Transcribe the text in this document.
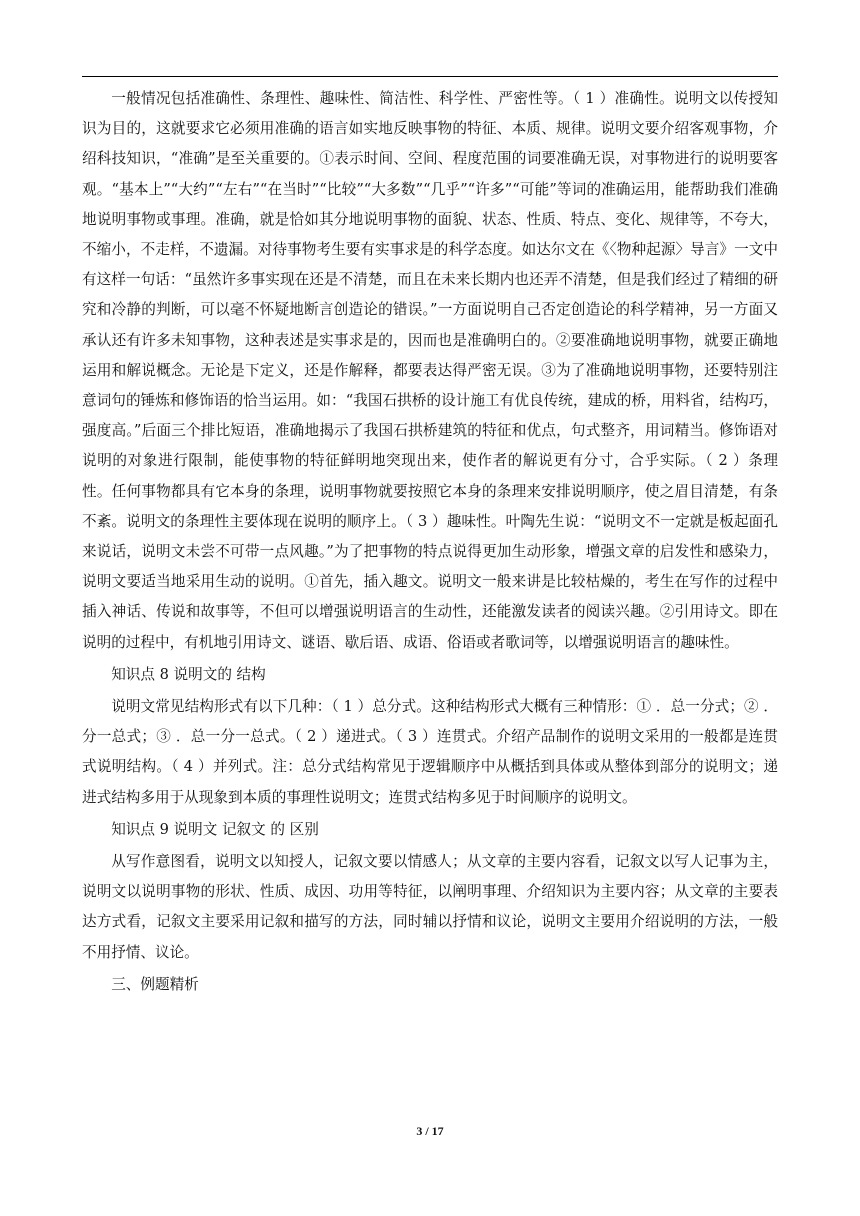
一般情况包括准确性、条理性、趣味性、简洁性、科学性、严密性等。（ 1 ）准确性。说明文以传授知识为目的，这就要求它必须用准确的语言如实地反映事物的特征、本质、规律。说明文要介绍客观事物，介绍科技知识，“准确”是至关重要的。①表示时间、空间、程度范围的词要准确无误，对事物进行的说明要客观。“基本上”“大约”“左右”“在当时”“比较”“大多数”“几乎”“许多”“可能”等词的准确运用，能帮助我们准确地说明事物或事理。准确，就是恰如其分地说明事物的面貌、状态、性质、特点、变化、规律等，不夸大，不缩小，不走样，不遗漏。对待事物考生要有实事求是的科学态度。如达尔文在《〈物种起源〉导言》一文中有这样一句话：“虽然许多事实现在还是不清楚，而且在未来长期内也还弄不清楚，但是我们经过了精细的研究和冷静的判断，可以毫不怀疑地断言创造论的错误。”一方面说明自己否定创造论的科学精神，另一方面又承认还有许多未知事物，这种表述是实事求是的，因而也是准确明白的。②要准确地说明事物，就要正确地运用和解说概念。无论是下定义，还是作解释，都要表达得严密无误。③为了准确地说明事物，还要特别注意词句的锤炼和修饰语的恰当运用。如：“我国石拱桥的设计施工有优良传统，建成的桥，用料省，结构巧，强度高。”后面三个排比短语，准确地揭示了我国石拱桥建筑的特征和优点，句式整齐，用词精当。修饰语对说明的对象进行限制，能使事物的特征鲜明地突现出来，使作者的解说更有分寸，合乎实际。（ 2 ）条理性。任何事物都具有它本身的条理，说明事物就要按照它本身的条理来安排说明顺序，使之眉目清楚，有条不紊。说明文的条理性主要体现在说明的顺序上。（ 3 ）趣味性。叶陶先生说：“说明文不一定就是板起面孔来说话，说明文未尝不可带一点风趣。”为了把事物的特点说得更加生动形象，增强文章的启发性和感染力，说明文要适当地采用生动的说明。①首先，插入趣文。说明文一般来讲是比较枯燥的，考生在写作的过程中插入神话、传说和故事等，不但可以增强说明语言的生动性，还能激发读者的阅读兴趣。②引用诗文。即在说明的过程中，有机地引用诗文、谜语、歇后语、成语、俗语或者歌词等，以增强说明语言的趣味性。

知识点 8 说明文的 结构

说明文常见结构形式有以下几种：（ 1 ）总分式。这种结构形式大概有三种情形：① ．总一分式；② ．分一总式；③ ．总一分一总式。（ 2 ）递进式。（ 3 ）连贯式。介绍产品制作的说明文采用的一般都是连贯式说明结构。（ 4 ）并列式。注：总分式结构常见于逻辑顺序中从概括到具体或从整体到部分的说明文；递进式结构多用于从现象到本质的事理性说明文；连贯式结构多见于时间顺序的说明文。

知识点 9 说明文 记叙文 的 区别

从写作意图看，说明文以知授人，记叙文要以情感人；从文章的主要内容看，记叙文以写人记事为主，说明文以说明事物的形状、性质、成因、功用等特征，以阐明事理、介绍知识为主要内容；从文章的主要表达方式看，记叙文主要采用记叙和描写的方法，同时辅以抒情和议论，说明文主要用介绍说明的方法，一般不用抒情、议论。

三、例题精析

3 / 17
